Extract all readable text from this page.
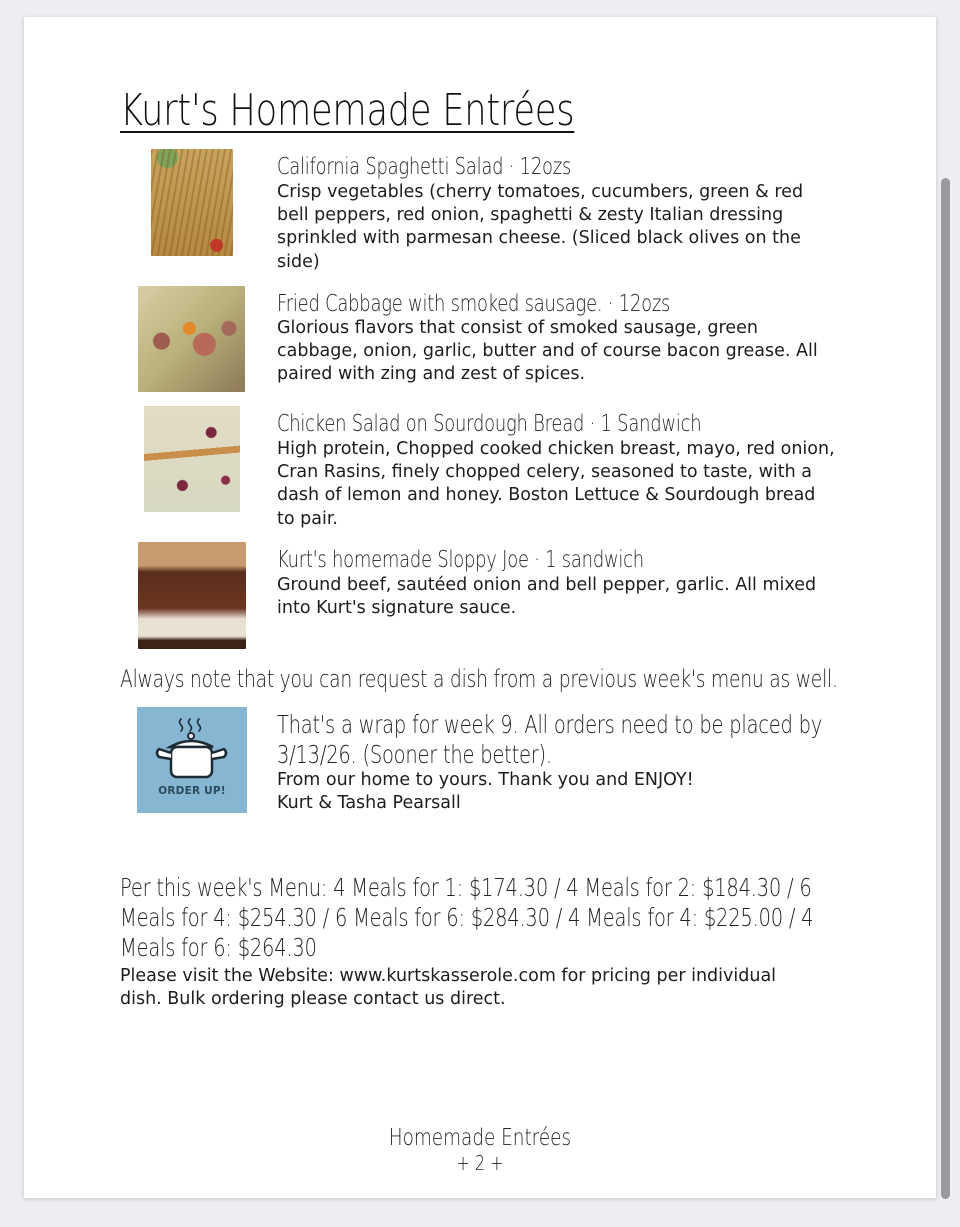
Kurt's Homemade Entrées
California Spaghetti Salad · 12ozs
Crisp vegetables (cherry tomatoes, cucumbers, green & red bell peppers, red onion, spaghetti & zesty Italian dressing sprinkled with parmesan cheese. (Sliced black olives on the side)
Fried Cabbage with smoked sausage. · 12ozs
Glorious flavors that consist of smoked sausage, green cabbage, onion, garlic, butter and of course bacon grease. All paired with zing and zest of spices.
Chicken Salad on Sourdough Bread · 1 Sandwich
High protein, Chopped cooked chicken breast, mayo, red onion, Cran Rasins, finely chopped celery, seasoned to taste, with a dash of lemon and honey. Boston Lettuce & Sourdough bread to pair.
Kurt's homemade Sloppy Joe · 1 sandwich
Ground beef, sautéed onion and bell pepper, garlic. All mixed into Kurt's signature sauce.
Always note that you can request a dish from a previous week's menu as well.
ORDER UP!
That's a wrap for week 9. All orders need to be placed by 3/13/26. (Sooner the better).
From our home to yours. Thank you and ENJOY!
Kurt & Tasha Pearsall
Per this week's Menu: 4 Meals for 1: $174.30 / 4 Meals for 2: $184.30 / 6 Meals for 4: $254.30 / 6 Meals for 6: $284.30 / 4 Meals for 4: $225.00 / 4 Meals for 6: $264.30
Please visit the Website: www.kurtskasserole.com for pricing per individual dish. Bulk ordering please contact us direct.
Homemade Entrées
+ 2 +
